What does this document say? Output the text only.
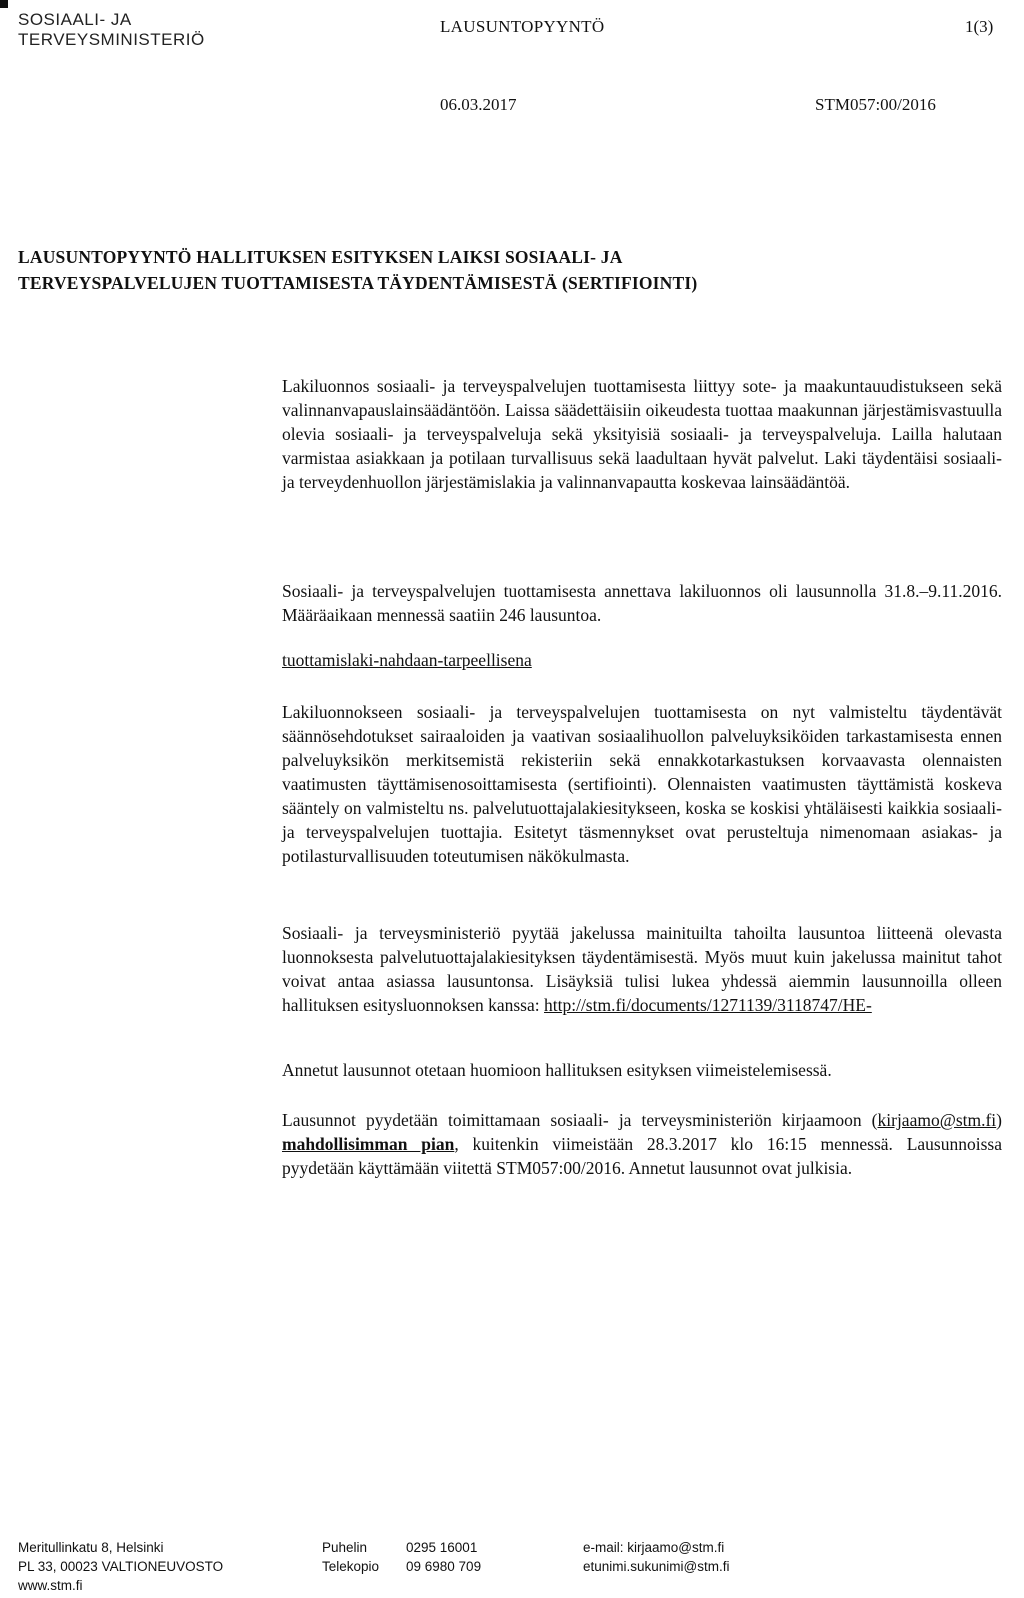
SOSIAALI- JA
TERVEYSMINISTERIÖ
LAUSUNTOPYYNTÖ	1(3)
06.03.2017	STM057:00/2016
LAUSUNTOPYYNTÖ HALLITUKSEN ESITYKSEN LAIKSI SOSIAALI- JA
TERVEYSPALVELUJEN TUOTTAMISESTA TÄYDENTÄMISESTÄ (SERTIFIOINTI)

Lakiluonnos sosiaali- ja terveyspalvelujen tuottamisesta liittyy sote- ja maakuntauudistukseen sekä valinnanvapauslainsäädäntöön. Laissa säädettäisiin oikeudesta tuottaa maakunnan järjestämisvastuulla olevia sosiaali- ja terveyspalveluja sekä yksityisiä sosiaali- ja terveyspalveluja. Lailla halutaan varmistaa asiakkaan ja potilaan turvallisuus sekä laadultaan hyvät palvelut. Laki täydentäisi sosiaali- ja terveydenhuollon järjestämislakia ja valinnanvapautta koskevaa lainsäädäntöä.

Sosiaali- ja terveyspalvelujen tuottamisesta annettava lakiluonnos oli lausunnolla 31.8.–9.11.2016. Määräaikaan mennessä saatiin 246 lausuntoa.

tuottamislaki-nahdaan-tarpeellisena

Lakiluonnokseen sosiaali- ja terveyspalvelujen tuottamisesta on nyt valmisteltu täydentävät säännösehdotukset sairaaloiden ja vaativan sosiaalihuollon palveluyksiköiden tarkastamisesta ennen palveluyksikön merkitsemistä rekisteriin sekä ennakkotarkastuksen korvaavasta olennaisten vaatimusten täyttämisenosoittamisesta (sertifiointi). Olennaisten vaatimusten täyttämistä koskeva sääntely on valmisteltu ns. palvelutuottajalakiesitykseen, koska se koskisi yhtäläisesti kaikkia sosiaali- ja terveyspalvelujen tuottajia. Esitetyt täsmennykset ovat perusteltuja nimenomaan asiakas- ja potilasturvallisuuden toteutumisen näkökulmasta.

Sosiaali- ja terveysministeriö pyytää jakelussa mainituilta tahoilta lausuntoa liitteenä olevasta luonnoksesta palvelutuottajalakiesityksen täydentämisestä. Myös muut kuin jakelussa mainitut tahot voivat antaa asiassa lausuntonsa. Lisäyksiä tulisi lukea yhdessä aiemmin lausunnoilla olleen hallituksen esitysluonnoksen kanssa: http://stm.fi/documents/1271139/3118747/HE-

Annetut lausunnot otetaan huomioon hallituksen esityksen viimeistelemisessä.

Lausunnot pyydetään toimittamaan sosiaali- ja terveysministeriön kirjaamoon (kirjaamo@stm.fi) mahdollisimman pian, kuitenkin viimeistään 28.3.2017 klo 16:15 mennessä. Lausunnoissa pyydetään käyttämään viitettä STM057:00/2016. Annetut lausunnot ovat julkisia.

Meritullinkatu 8, Helsinki
PL 33, 00023 VALTIONEUVOSTO
www.stm.fi
Puhelin	0295 16001
Telekopio 09 6980 709
e-mail: kirjaamo@stm.fi
etunimi.sukunimi@stm.fi
